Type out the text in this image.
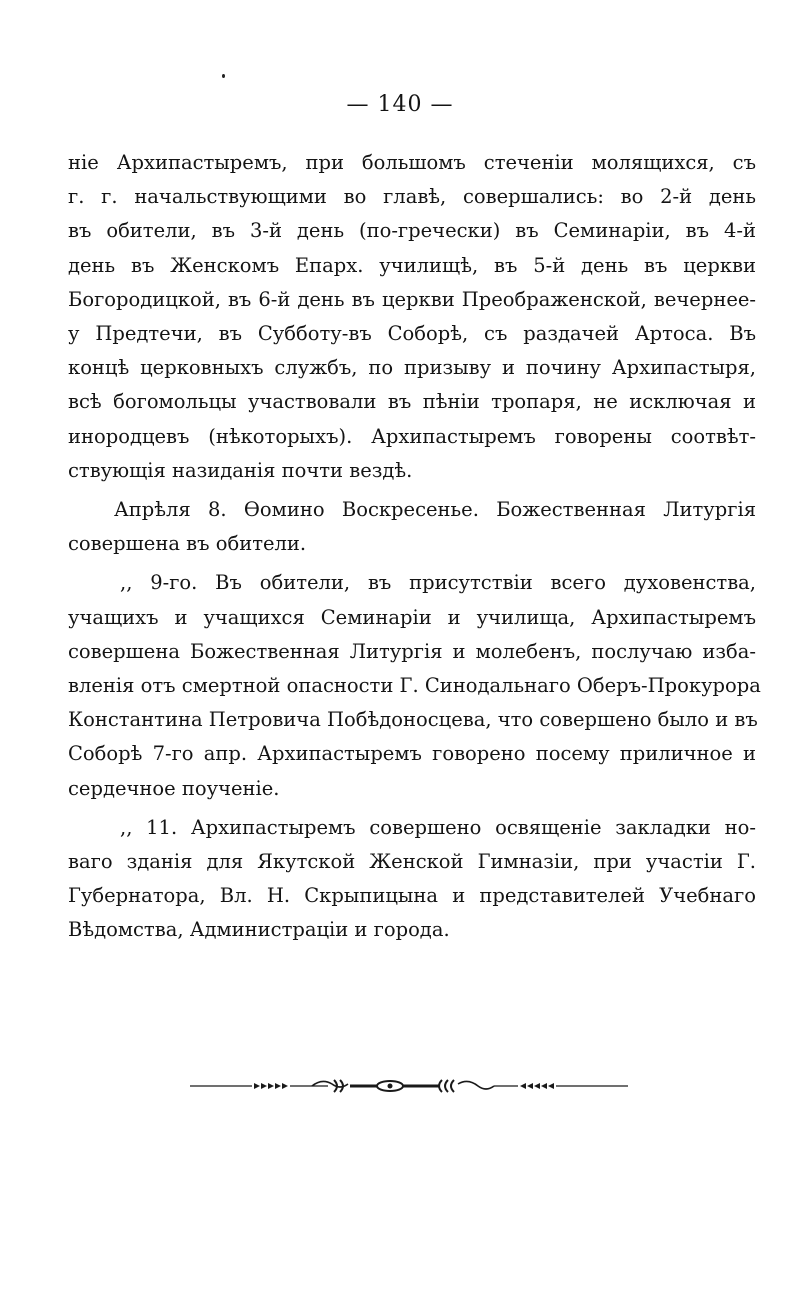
— 140 —

ніе Архипастыремъ, при большомъ стеченіи молящихся, съ
г. г. начальствующими во главѣ, совершались: во 2-й день
въ обители, въ 3-й день (по-гречески) въ Семинаріи, въ 4-й
день въ Женскомъ Епарх. училищѣ, въ 5-й день въ церкви
Богородицкой, въ 6-й день въ церкви Преображенской, вечернее-
у Предтечи, въ Субботу-въ Соборѣ, съ раздачей Артоса. Въ
концѣ церковныхъ службъ, по призыву и почину Архипастыря,
всѣ богомольцы участвовали въ пѣніи тропаря, не исключая и
инородцевъ (нѣкоторыхъ). Архипастыремъ говорены соотвѣт-
ствующія назиданія почти вездѣ.

Апрѣля 8. Ѳомино Воскресенье. Божественная Литургія
совершена въ обители.

,, 9-го. Въ обители, въ присутствіи всего духовенства,
учащихъ и учащихся Семинаріи и училища, Архипастыремъ
совершена Божественная Литургія и молебенъ, послучаю изба-
вленія отъ смертной опасности Г. Синодальнаго Оберъ-Прокурора
Константина Петровича Побѣдоносцева, что совершено было и въ
Соборѣ 7-го апр. Архипастыремъ говорено посему приличное и
сердечное поученіе.

,, 11. Архипастыремъ совершено освященіе закладки но-
ваго зданія для Якутской Женской Гимназіи, при участіи Г.
Губернатора, Вл. Н. Скрыпицына и представителей Учебнаго
Вѣдомства, Администраціи и города.
